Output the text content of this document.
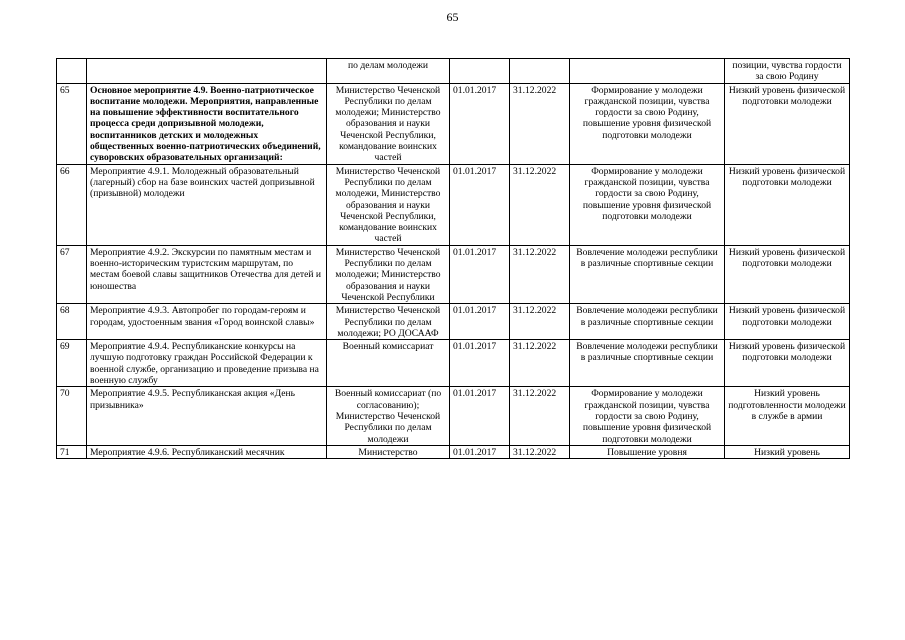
65
		по делам молодежи				позиции, чувства гордости за свою Родину
65	Основное мероприятие 4.9. Военно-патриотическое воспитание молодежи. Мероприятия, направленные на повышение эффективности воспитательного процесса среди допризывной молодежи, воспитанников детских и молодежных общественных военно-патриотических объединений, суворовских образовательных организаций:	Министерство Чеченской Республики по делам молодежи; Министерство образования и науки Чеченской Республики, командование воинских частей	01.01.2017	31.12.2022	Формирование у молодежи гражданской позиции, чувства гордости за свою Родину, повышение уровня физической подготовки молодежи	Низкий уровень физической подготовки молодежи
66	Мероприятие 4.9.1. Молодежный образовательный (лагерный) сбор на базе воинских частей допризывной (призывной) молодежи	Министерство Чеченской Республики по делам молодежи, Министерство образования и науки Чеченской Республики, командование воинских частей	01.01.2017	31.12.2022	Формирование у молодежи гражданской позиции, чувства гордости за свою Родину, повышение уровня физической подготовки молодежи	Низкий уровень физической подготовки молодежи
67	Мероприятие 4.9.2. Экскурсии по памятным местам и военно-историческим туристским маршрутам, по местам боевой славы защитников Отечества для детей и юношества	Министерство Чеченской Республики по делам молодежи; Министерство образования и науки Чеченской Республики	01.01.2017	31.12.2022	Вовлечение молодежи республики в различные спортивные секции	Низкий уровень физической подготовки молодежи
68	Мероприятие 4.9.3. Автопробег по городам-героям и городам, удостоенным звания «Город воинской славы»	Министерство Чеченской Республики по делам молодежи; РО ДОСААФ	01.01.2017	31.12.2022	Вовлечение молодежи республики в различные спортивные секции	Низкий уровень физической подготовки молодежи
69	Мероприятие 4.9.4. Республиканские конкурсы на лучшую подготовку граждан Российской Федерации к военной службе, организацию и проведение призыва на военную службу	Военный комиссариат	01.01.2017	31.12.2022	Вовлечение молодежи республики в различные спортивные секции	Низкий уровень физической подготовки молодежи
70	Мероприятие 4.9.5. Республиканская акция «День призывника»	Военный комиссариат (по согласованию); Министерство Чеченской Республики по делам молодежи	01.01.2017	31.12.2022	Формирование у молодежи гражданской позиции, чувства гордости за свою Родину, повышение уровня физической подготовки молодежи	Низкий уровень подготовленности молодежи в службе в армии
71	Мероприятие 4.9.6. Республиканский месячник	Министерство	01.01.2017	31.12.2022	Повышение уровня	Низкий уровень
